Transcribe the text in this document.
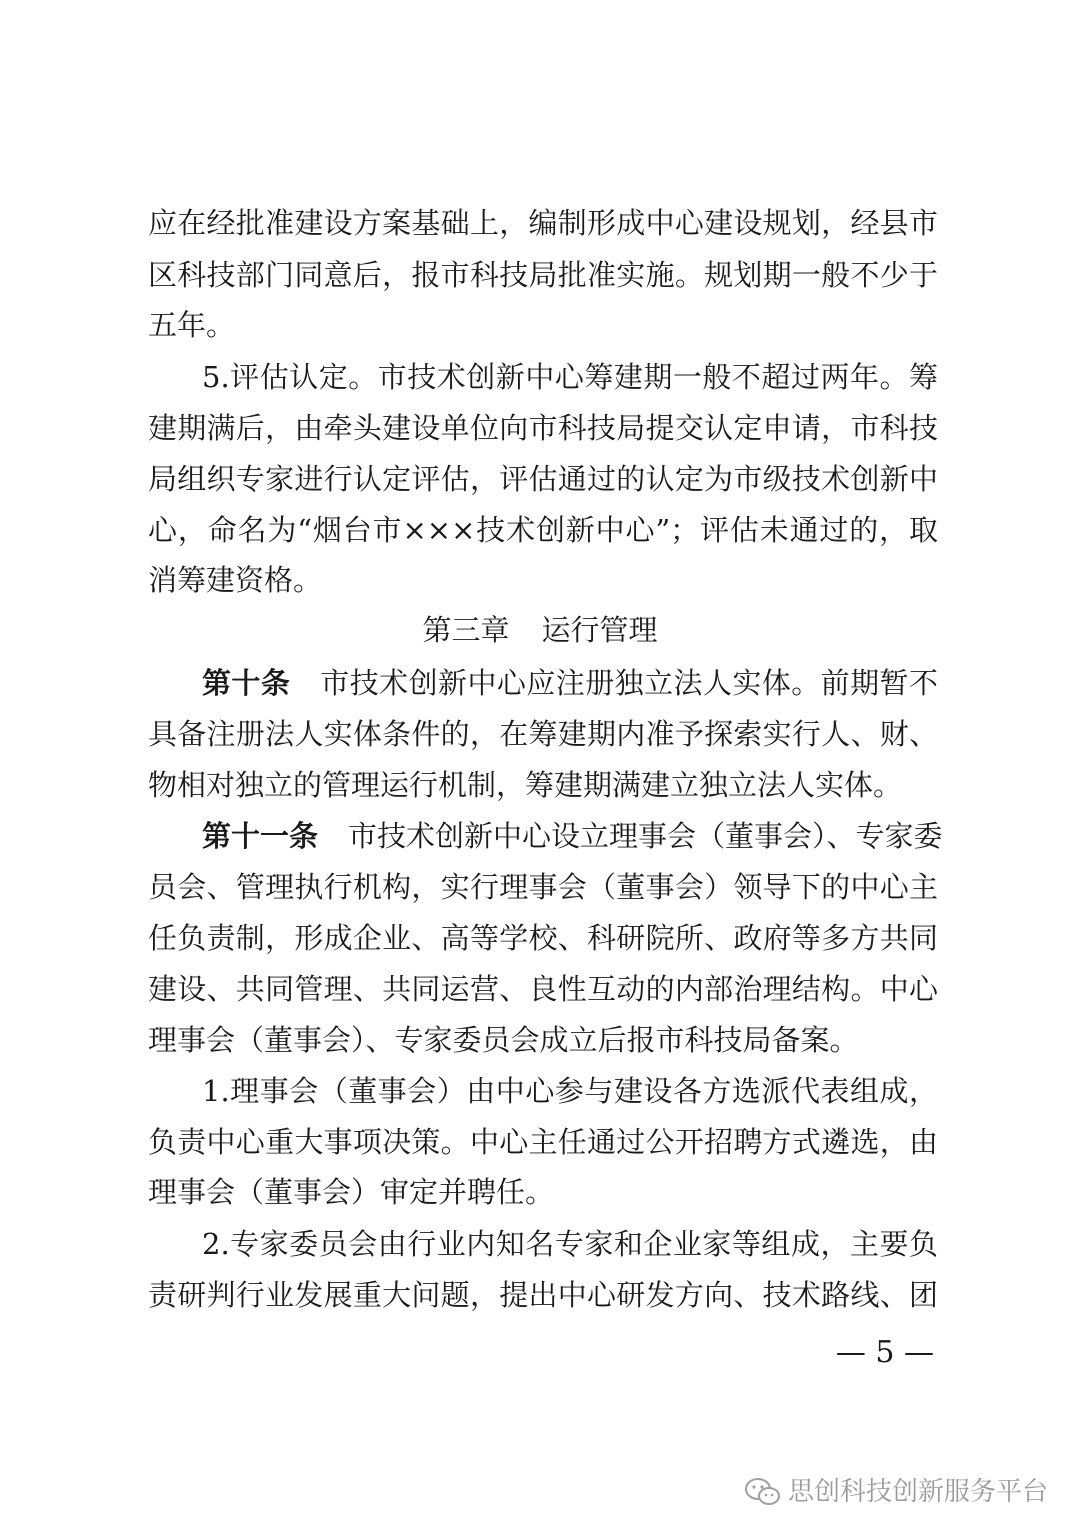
应在经批准建设方案基础上，编制形成中心建设规划，经县市
区科技部门同意后，报市科技局批准实施。规划期一般不少于
五年。
5.评估认定。市技术创新中心筹建期一般不超过两年。筹
建期满后，由牵头建设单位向市科技局提交认定申请，市科技
局组织专家进行认定评估，评估通过的认定为市级技术创新中
心，命名为“烟台市×××技术创新中心”；评估未通过的，取
消筹建资格。
第三章 运行管理
第十条 市技术创新中心应注册独立法人实体。前期暂不
具备注册法人实体条件的，在筹建期内准予探索实行人、财、
物相对独立的管理运行机制，筹建期满建立独立法人实体。
第十一条 市技术创新中心设立理事会（董事会）、专家委
员会、管理执行机构，实行理事会（董事会）领导下的中心主
任负责制，形成企业、高等学校、科研院所、政府等多方共同
建设、共同管理、共同运营、良性互动的内部治理结构。中心
理事会（董事会）、专家委员会成立后报市科技局备案。
1.理事会（董事会）由中心参与建设各方选派代表组成，
负责中心重大事项决策。中心主任通过公开招聘方式遴选，由
理事会（董事会）审定并聘任。
2.专家委员会由行业内知名专家和企业家等组成，主要负
责研判行业发展重大问题，提出中心研发方向、技术路线、团
— 5 —
思创科技创新服务平台
